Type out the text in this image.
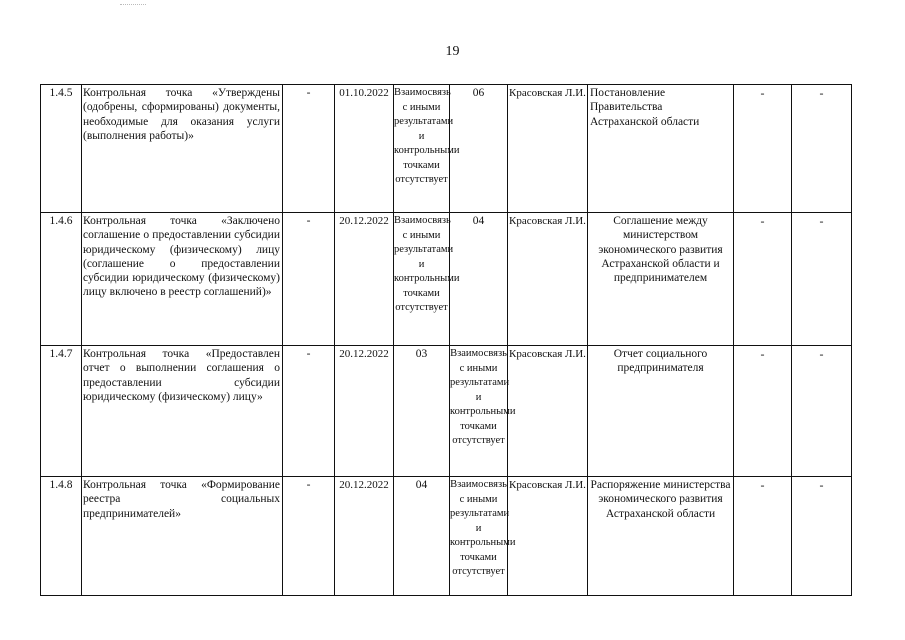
19
1.4.5	Контрольная точка «Утверждены (одобрены, сформированы) документы, необходимые для оказания услуги (выполнения работы)»	-	01.10.2022	Взаимосвязь с иными результатами и контрольными точками отсутствует	06	Красовская Л.И.	Постановление Правительства Астраханской области	-	-
1.4.6	Контрольная точка «Заключено соглашение о предоставлении субсидии юридическому (физическому) лицу (соглашение о предоставлении субсидии юридическому (физическому) лицу включено в реестр соглашений)»	-	20.12.2022	Взаимосвязь с иными результатами и контрольными точками отсутствует	04	Красовская Л.И.	Соглашение между министерством экономического развития Астраханской области и предпринимателем	-	-
1.4.7	Контрольная точка «Предоставлен отчет о выполнении соглашения о предоставлении субсидии юридическому (физическому) лицу»	-	20.12.2022	03	Взаимосвязь с иными результатами и контрольными точками отсутствует	Красовская Л.И.	Отчет социального предпринимателя	-	-
1.4.8	Контрольная точка «Формирование реестра социальных предпринимателей»	-	20.12.2022	04	Взаимосвязь с иными результатами и контрольными точками отсутствует	Красовская Л.И.	Распоряжение министерства экономического развития Астраханской области	-	-
